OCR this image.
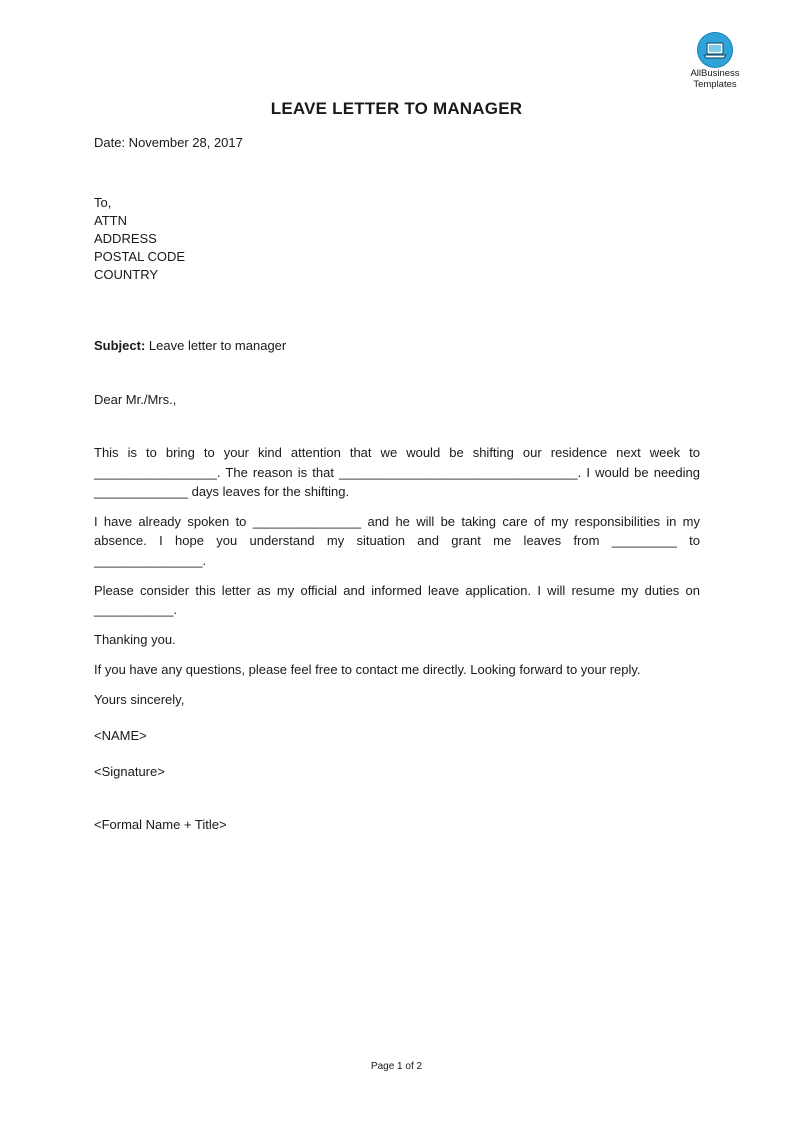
AllBusiness
Templates
LEAVE LETTER TO MANAGER
Date: November 28, 2017
To,
ATTN
ADDRESS
POSTAL CODE
COUNTRY
Subject: Leave letter to manager
Dear Mr./Mrs.,
This is to bring to your kind attention that we would be shifting our residence next week to
_________________. The reason is that _________________________________. I would be needing
_____________ days leaves for the shifting.
I have already spoken to _______________ and he will be taking care of my responsibilities in my
absence. I hope you understand my situation and grant me leaves from _________ to
_______________.
Please consider this letter as my official and informed leave application. I will resume my duties on
___________.
Thanking you.
If you have any questions, please feel free to contact me directly. Looking forward to your reply.
Yours sincerely,
<NAME>
<Signature>
<Formal Name + Title>
Page 1 of 2
